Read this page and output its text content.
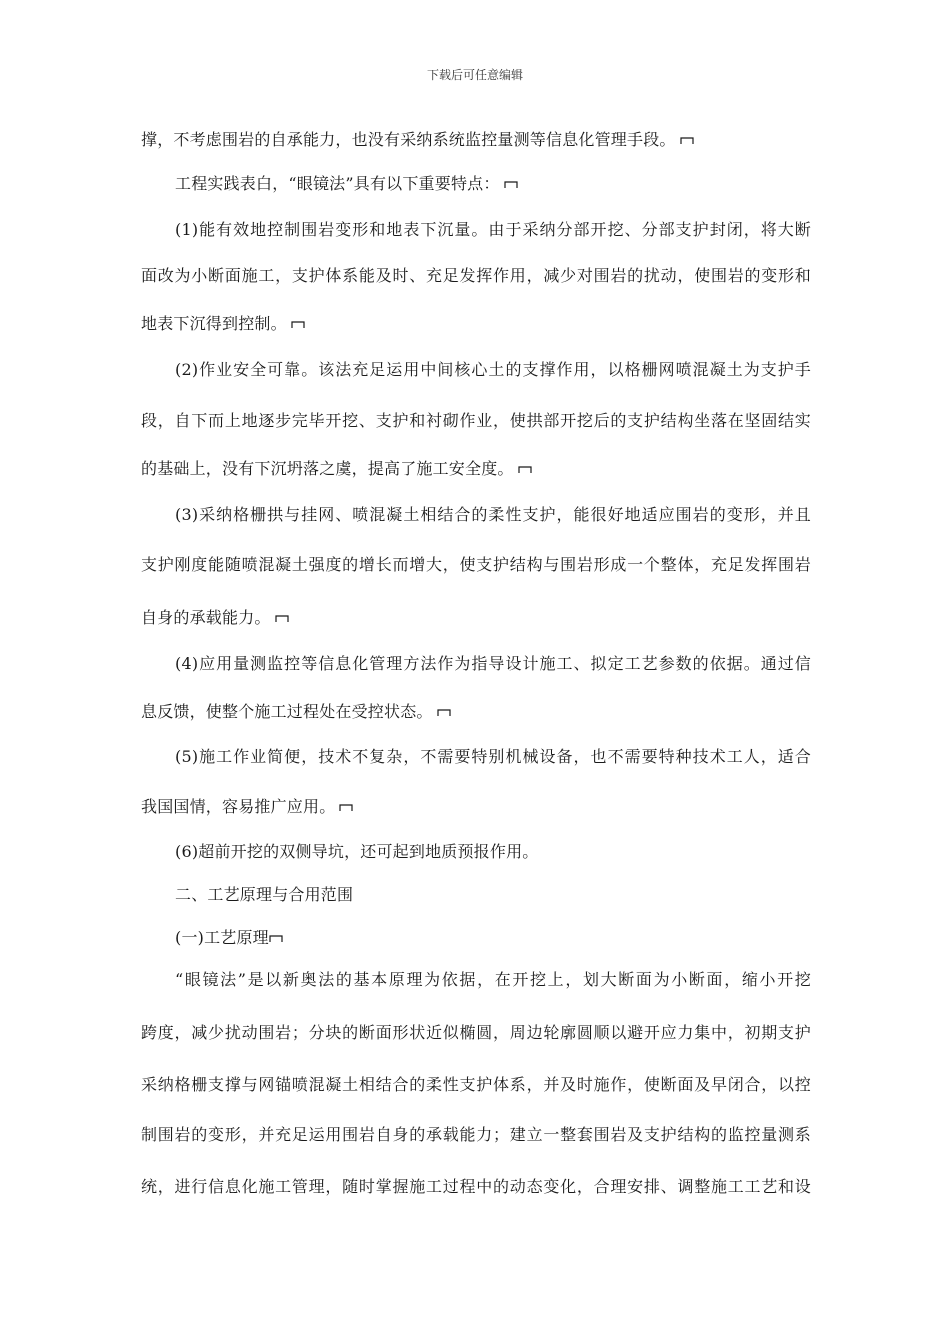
下载后可任意编辑
撑，不考虑围岩的自承能力，也没有采纳系统监控量测等信息化管理手段。
工程实践表白，“眼镜法”具有以下重要特点：
(1)能有效地控制围岩变形和地表下沉量。由于采纳分部开挖、分部支护封闭，将大断
面改为小断面施工，支护体系能及时、充足发挥作用，减少对围岩的扰动，使围岩的变形和
地表下沉得到控制。
(2)作业安全可靠。该法充足运用中间核心土的支撑作用，以格栅网喷混凝土为支护手
段，自下而上地逐步完毕开挖、支护和衬砌作业，使拱部开挖后的支护结构坐落在坚固结实
的基础上，没有下沉坍落之虞，提高了施工安全度。
(3)采纳格栅拱与挂网、喷混凝土相结合的柔性支护，能很好地适应围岩的变形，并且
支护刚度能随喷混凝土强度的增长而增大，使支护结构与围岩形成一个整体，充足发挥围岩
自身的承载能力。
(4)应用量测监控等信息化管理方法作为指导设计施工、拟定工艺参数的依据。通过信
息反馈，使整个施工过程处在受控状态。
(5)施工作业简便，技术不复杂，不需要特别机械设备，也不需要特种技术工人，适合
我国国情，容易推广应用。
(6)超前开挖的双侧导坑，还可起到地质预报作用。
二、工艺原理与合用范围
(一)工艺原理
“眼镜法”是以新奥法的基本原理为依据，在开挖上，划大断面为小断面，缩小开挖
跨度，减少扰动围岩；分块的断面形状近似椭圆，周边轮廓圆顺以避开应力集中，初期支护
采纳格栅支撑与网锚喷混凝土相结合的柔性支护体系，并及时施作，使断面及早闭合，以控
制围岩的变形，并充足运用围岩自身的承载能力；建立一整套围岩及支护结构的监控量测系
统，进行信息化施工管理，随时掌握施工过程中的动态变化，合理安排、调整施工工艺和设
